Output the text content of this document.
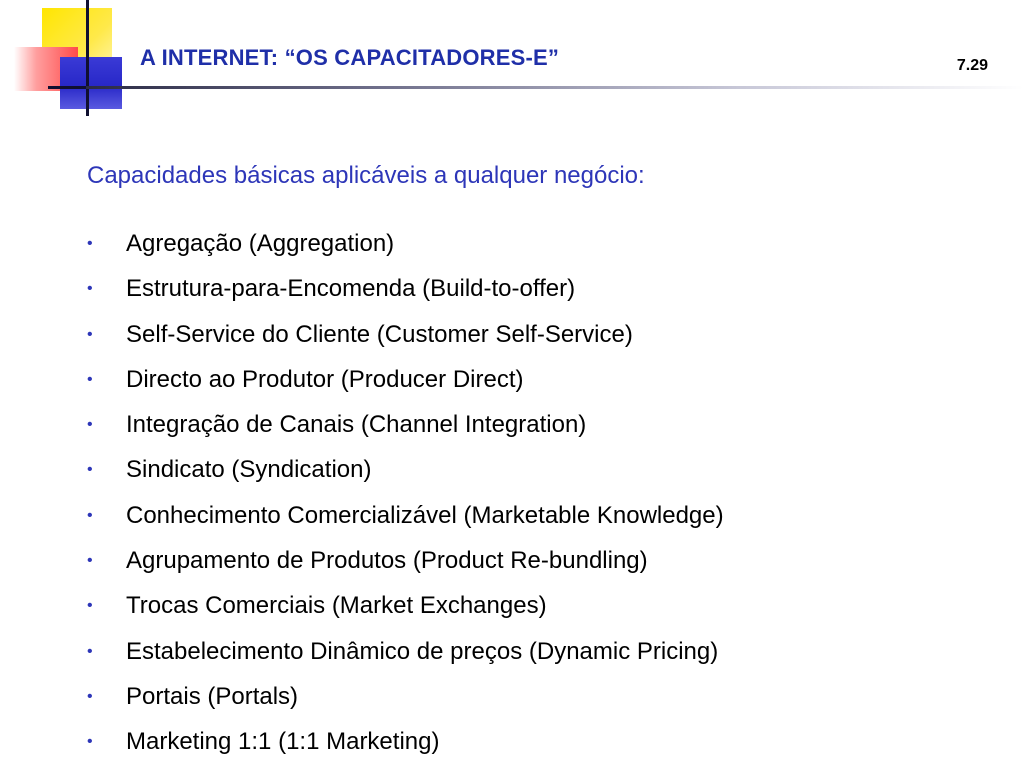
A INTERNET: “OS CAPACITADORES-E”	7.29
Capacidades básicas aplicáveis a qualquer negócio:
•	Agregação (Aggregation)
•	Estrutura-para-Encomenda (Build-to-offer)
•	Self-Service do Cliente (Customer Self-Service)
•	Directo ao Produtor (Producer Direct)
•	Integração de Canais (Channel Integration)
•	Sindicato (Syndication)
•	Conhecimento Comercializável (Marketable Knowledge)
•	Agrupamento de Produtos (Product Re-bundling)
•	Trocas Comerciais (Market Exchanges)
•	Estabelecimento Dinâmico de preços (Dynamic Pricing)
•	Portais (Portals)
•	Marketing 1:1 (1:1 Marketing)
